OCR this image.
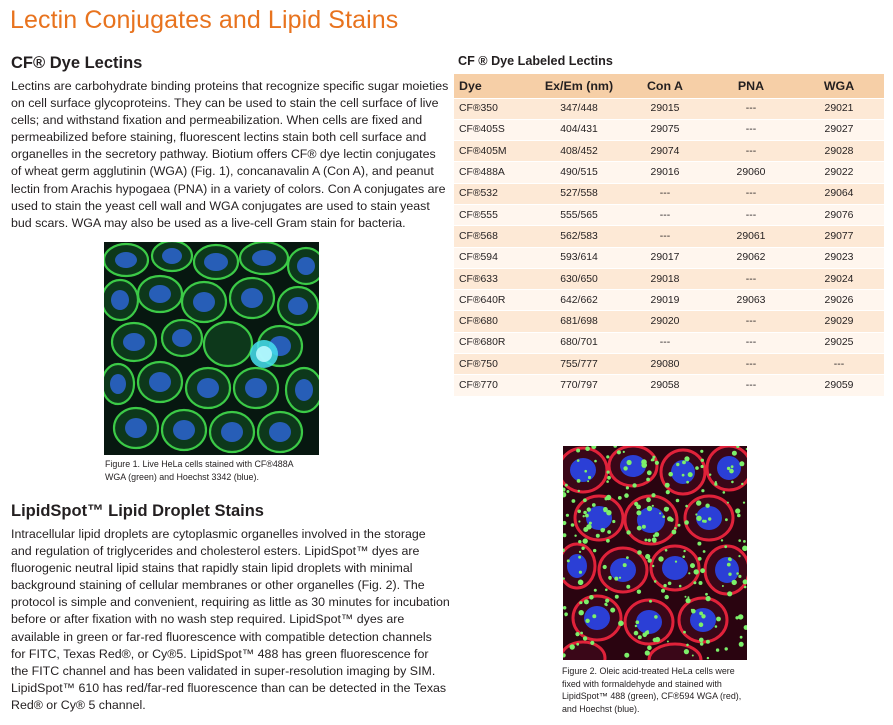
Lectin Conjugates and Lipid Stains
CF® Dye Lectins
Lectins are carbohydrate binding proteins that recognize specific sugar moieties
on cell surface glycoproteins. They can be used to stain the cell surface of live
cells; and withstand fixation and permeabilization. When cells are fixed and
permeabilized before staining, fluorescent lectins stain both cell surface and
organelles in the secretory pathway. Biotium offers CF® dye lectin conjugates
of wheat germ agglutinin (WGA) (Fig. 1), concanavalin A (Con A), and peanut
lectin from Arachis hypogaea (PNA) in a variety of colors. Con A conjugates are
used to stain the yeast cell wall and WGA conjugates are used to stain yeast
bud scars. WGA may also be used as a live-cell Gram stain for bacteria.
Figure 1. Live HeLa cells stained with CF®488A
WGA (green) and Hoechst 3342 (blue).
CF ® Dye Labeled Lectins
Dye	Ex/Em (nm)	Con A	PNA	WGA
CF®350	347/448	29015	---	29021
CF®405S	404/431	29075	---	29027
CF®405M	408/452	29074	---	29028
CF®488A	490/515	29016	29060	29022
CF®532	527/558	---	---	29064
CF®555	555/565	---	---	29076
CF®568	562/583	---	29061	29077
CF®594	593/614	29017	29062	29023
CF®633	630/650	29018	---	29024
CF®640R	642/662	29019	29063	29026
CF®680	681/698	29020	---	29029
CF®680R	680/701	---	---	29025
CF®750	755/777	29080	---	---
CF®770	770/797	29058	---	29059
Figure 2. Oleic acid-treated HeLa cells were
fixed with formaldehyde and stained with
LipidSpot™ 488 (green), CF®594 WGA (red),
and Hoechst (blue).
LipidSpot™ Lipid Droplet Stains
Intracellular lipid droplets are cytoplasmic organelles involved in the storage
and regulation of triglycerides and cholesterol esters. LipidSpot™ dyes are
fluorogenic neutral lipid stains that rapidly stain lipid droplets with minimal
background staining of cellular membranes or other organelles (Fig. 2). The
protocol is simple and convenient, requiring as little as 30 minutes for incubation
before or after fixation with no wash step required. LipidSpot™ dyes are
available in green or far-red fluorescence with compatible detection channels
for FITC, Texas Red®, or Cy®5. LipidSpot™ 488 has green fluorescence for
the FITC channel and has been validated in super-resolution imaging by SIM.
LipidSpot™ 610 has red/far-red fluorescence than can be detected in the Texas
Red® or Cy® 5 channel.
